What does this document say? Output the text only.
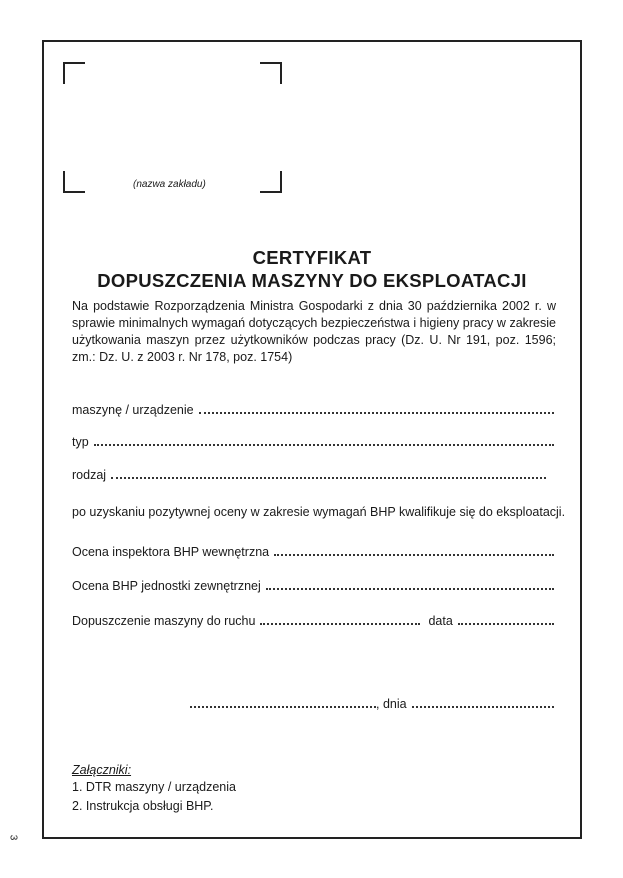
(nazwa zakładu)
CERTYFIKAT
DOPUSZCZENIA MASZYNY DO EKSPLOATACJI
Na podstawie Rozporządzenia Ministra Gospodarki z dnia 30 października 2002 r. w sprawie minimalnych wymagań dotyczących bezpieczeństwa i higieny pracy w zakresie użytkowania maszyn przez użytkowników podczas pracy (Dz. U. Nr 191, poz. 1596; zm.: Dz. U. z 2003 r. Nr 178, poz. 1754)
maszynę / urządzenie
typ
rodzaj
po uzyskaniu pozytywnej oceny w zakresie wymagań BHP kwalifikuje się do eksploatacji.
Ocena inspektora BHP wewnętrzna
Ocena BHP jednostki zewnętrznej
Dopuszczenie maszyny do ruchu	data
, dnia
Załączniki:
1. DTR maszyny / urządzenia
2. Instrukcja obsługi BHP.
3
